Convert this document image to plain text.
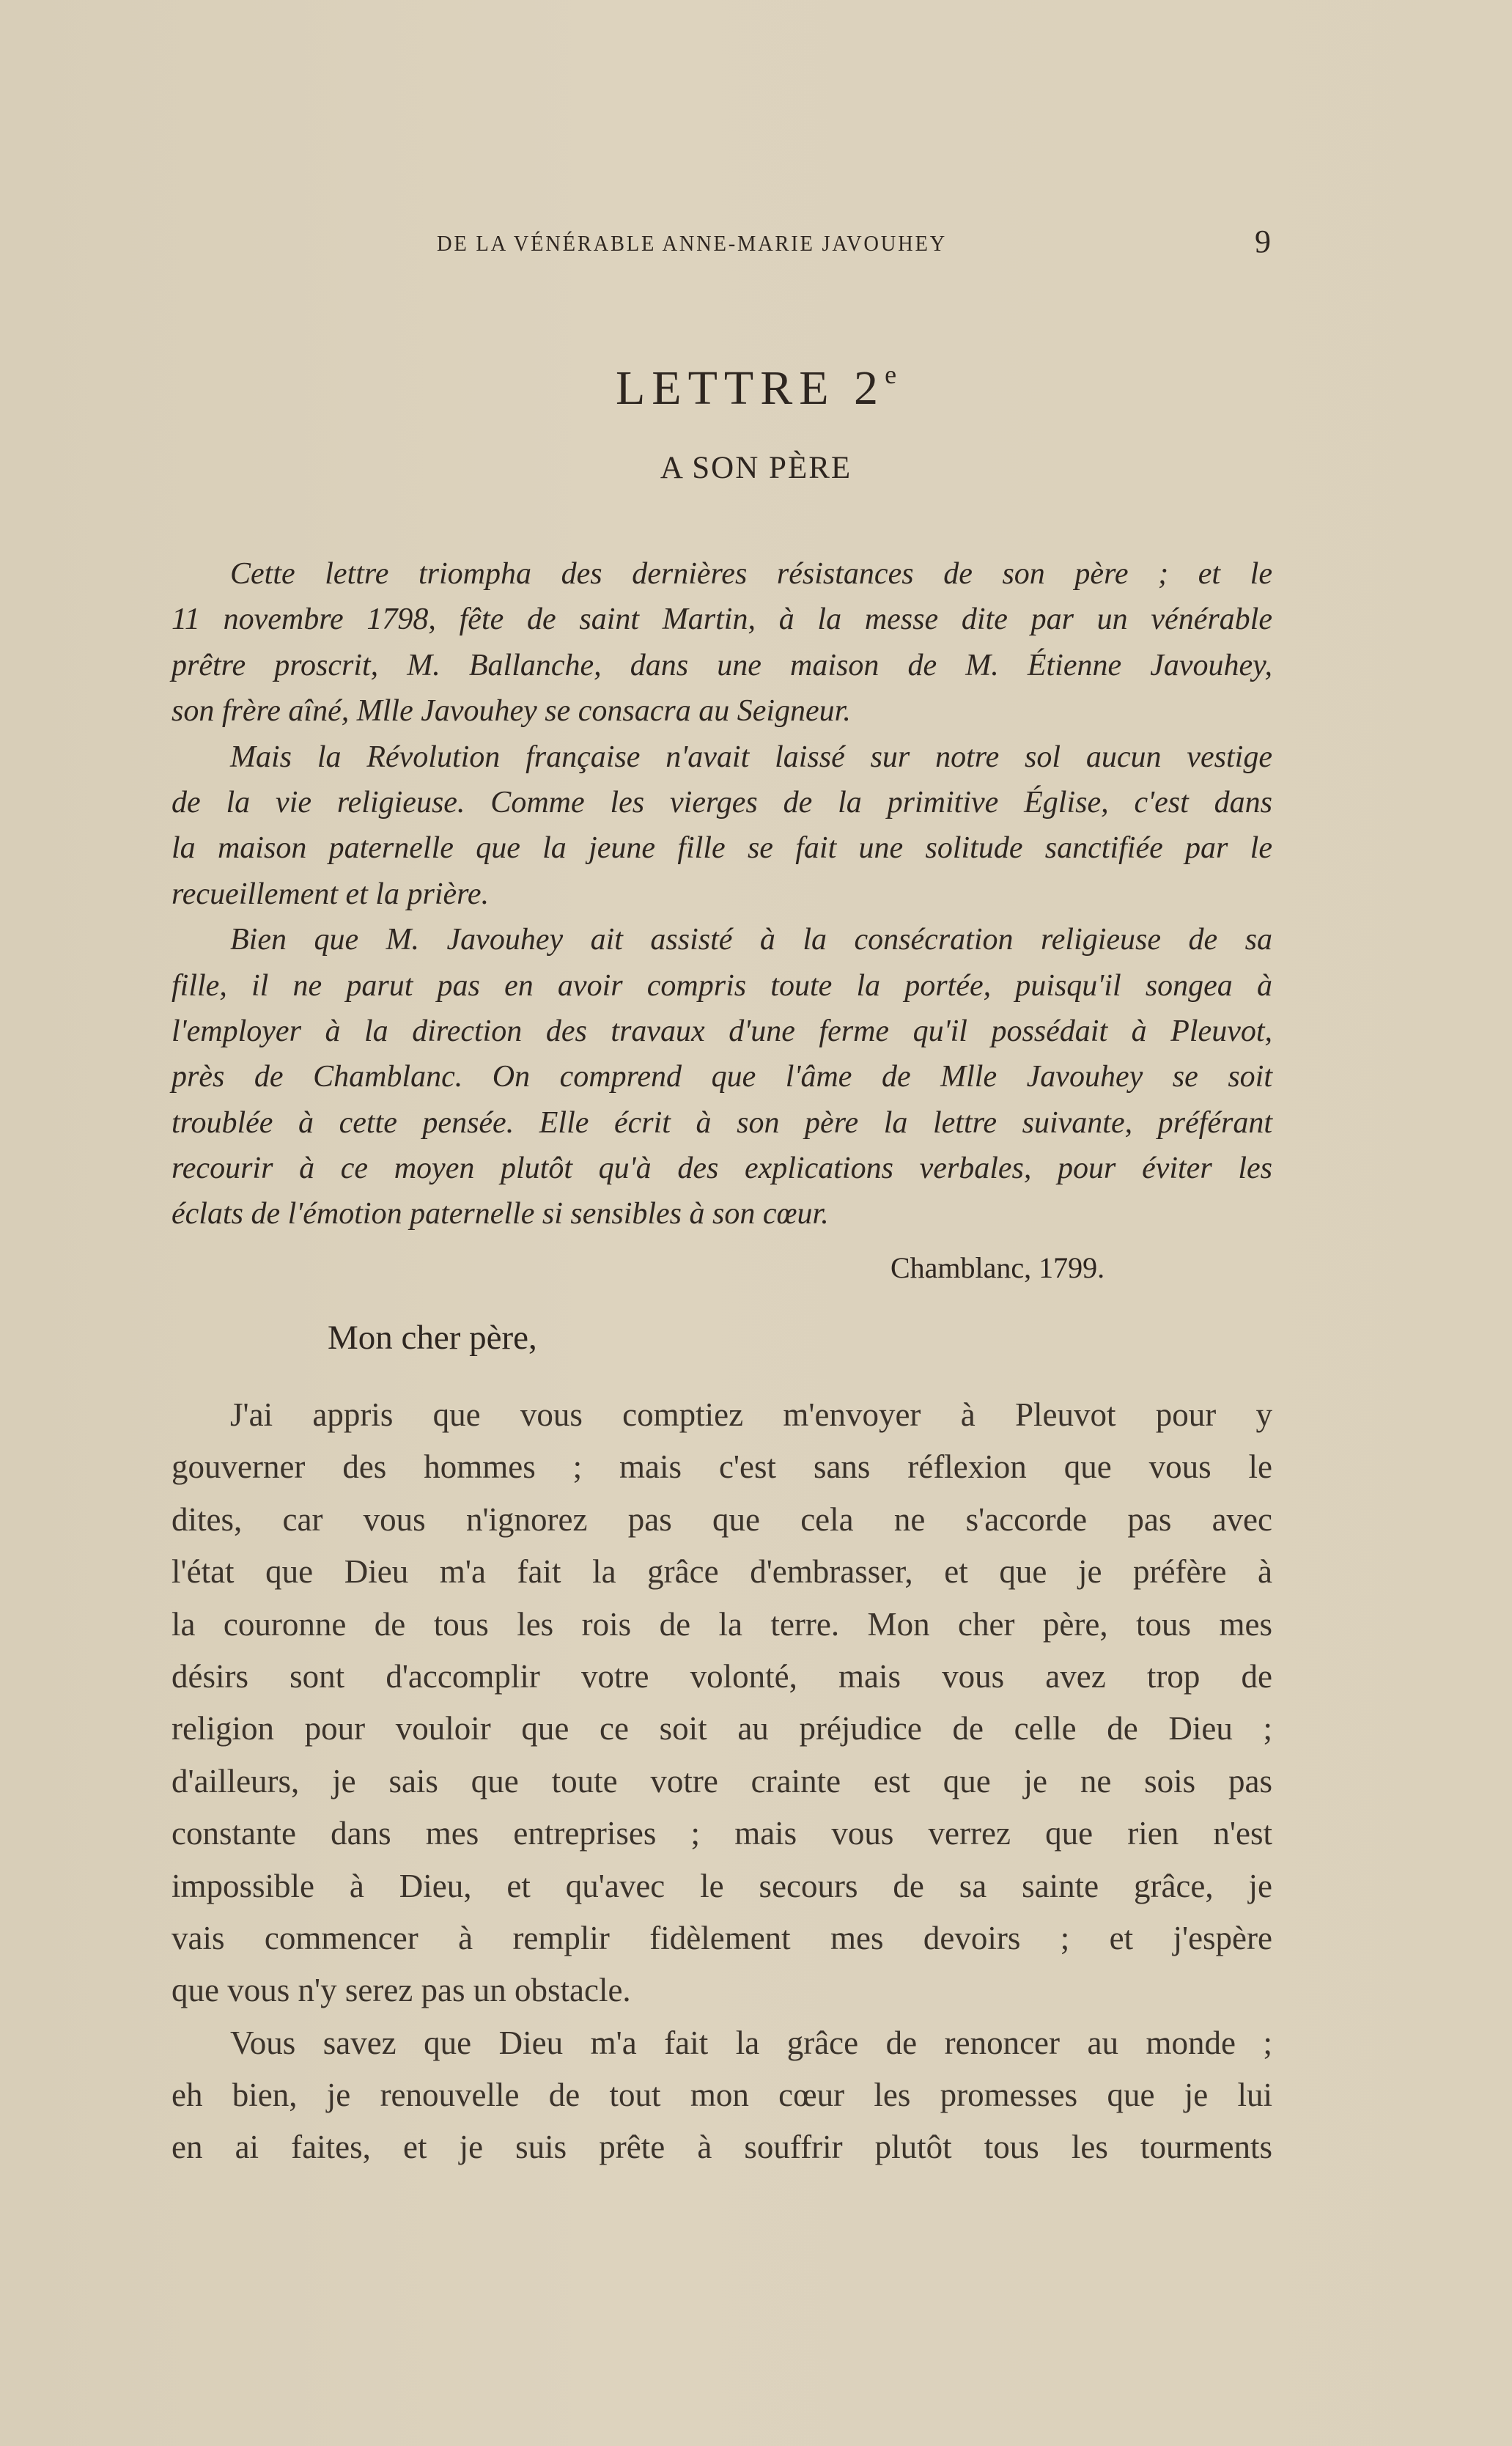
DE LA VÉNÉRABLE ANNE-MARIE JAVOUHEY	9
LETTRE 2e
A SON PÈRE
Cette lettre triompha des dernières résistances de son père ; et le
11 novembre 1798, fête de saint Martin, à la messe dite par un vénérable
prêtre proscrit, M. Ballanche, dans une maison de M. Étienne Javouhey,
son frère aîné, Mlle Javouhey se consacra au Seigneur.
Mais la Révolution française n'avait laissé sur notre sol aucun vestige
de la vie religieuse. Comme les vierges de la primitive Église, c'est dans
la maison paternelle que la jeune fille se fait une solitude sanctifiée par le
recueillement et la prière.
Bien que M. Javouhey ait assisté à la consécration religieuse de sa
fille, il ne parut pas en avoir compris toute la portée, puisqu'il songea à
l'employer à la direction des travaux d'une ferme qu'il possédait à Pleuvot,
près de Chamblanc. On comprend que l'âme de Mlle Javouhey se soit
troublée à cette pensée. Elle écrit à son père la lettre suivante, préférant
recourir à ce moyen plutôt qu'à des explications verbales, pour éviter les
éclats de l'émotion paternelle si sensibles à son cœur.
Chamblanc, 1799.
Mon cher père,
J'ai appris que vous comptiez m'envoyer à Pleuvot pour y
gouverner des hommes ; mais c'est sans réflexion que vous le
dites, car vous n'ignorez pas que cela ne s'accorde pas avec
l'état que Dieu m'a fait la grâce d'embrasser, et que je préfère à
la couronne de tous les rois de la terre. Mon cher père, tous mes
désirs sont d'accomplir votre volonté, mais vous avez trop de
religion pour vouloir que ce soit au préjudice de celle de Dieu ;
d'ailleurs, je sais que toute votre crainte est que je ne sois pas
constante dans mes entreprises ; mais vous verrez que rien n'est
impossible à Dieu, et qu'avec le secours de sa sainte grâce, je
vais commencer à remplir fidèlement mes devoirs ; et j'espère
que vous n'y serez pas un obstacle.
Vous savez que Dieu m'a fait la grâce de renoncer au monde ;
eh bien, je renouvelle de tout mon cœur les promesses que je lui
en ai faites, et je suis prête à souffrir plutôt tous les tourments
